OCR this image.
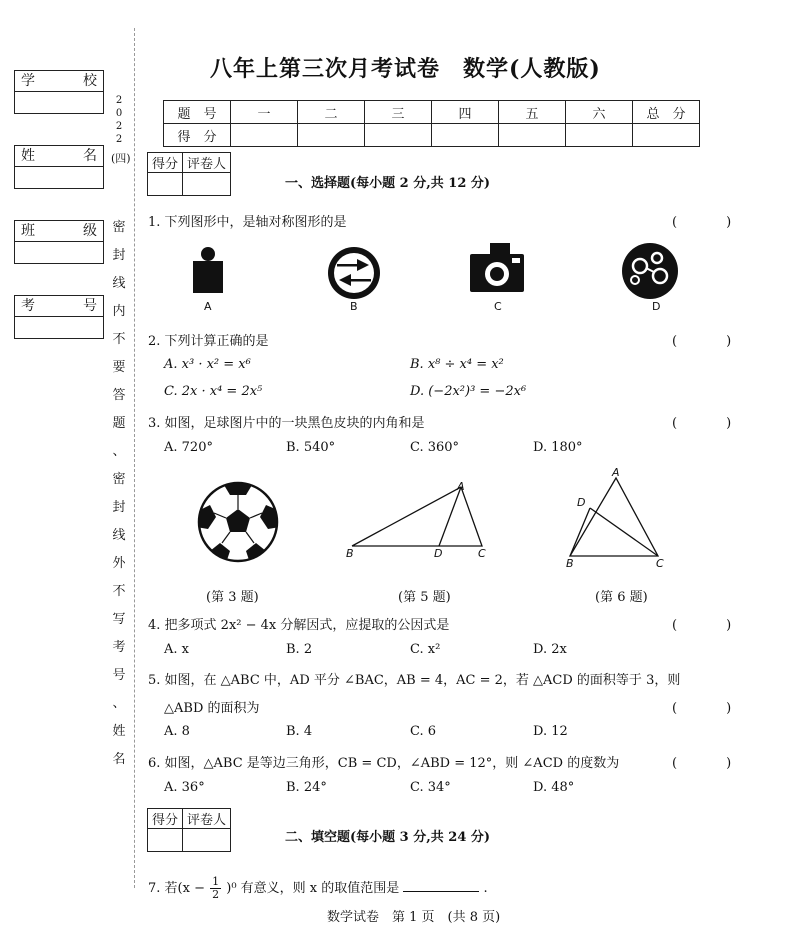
学	校
姓	名
班	级
考	号
2
0
2
2
(四)
密
封
线
内
不
要
答
题
、
密
封
线
外
不
写
考
号
、
姓
名
八年上第三次月考试卷　数学(人教版)
题　号	一	二	三	四	五	六	总　分
得　分							
得分	评卷人

一、选择题(每小题 2 分,共 12 分)
1. 下列图形中，是轴对称图形的是	(　)
A	B	C	D
2. 下列计算正确的是	(　)
A. x³ · x² = x⁶	B. x⁸ ÷ x⁴ = x²
C. 2x · x⁴ = 2x⁵	D. (−2x²)³ = −2x⁶
3. 如图，足球图片中的一块黑色皮块的内角和是	(　)
A. 720°	B. 540°	C. 360°	D. 180°
A
B	D	C
A
D
B	C
(第 3 题)	(第 5 题)	(第 6 题)
4. 把多项式 2x² − 4x 分解因式，应提取的公因式是	(　)
A. x	B. 2	C. x²	D. 2x
5. 如图，在 △ABC 中，AD 平分 ∠BAC，AB = 4，AC = 2，若 △ACD 的面积等于 3，则
△ABD 的面积为	(　)
A. 8	B. 4	C. 6	D. 12
6. 如图，△ABC 是等边三角形，CB = CD，∠ABD = 12°，则 ∠ACD 的度数为	(　)
A. 36°	B. 24°	C. 34°	D. 48°
得分	评卷人

二、填空题(每小题 3 分,共 24 分)
7. 若$(x - \frac{1}{2} )^0$ 有意义，则 x 的取值范围是	.
数学试卷　第 1 页　(共 8 页)
